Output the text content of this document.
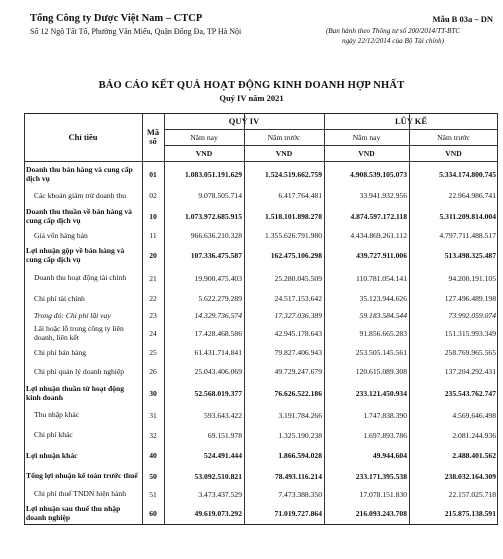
Tổng Công ty Dược Việt Nam – CTCP
Số 12 Ngô Tất Tố, Phường Văn Miếu, Quận Đống Đa, TP Hà Nội
Mẫu B 03a – DN
(Ban hành theo Thông tư số 200/2014/TT-BTC
ngày 22/12/2014 của Bộ Tài chính)
BÁO CÁO KẾT QUẢ HOẠT ĐỘNG KINH DOANH HỢP NHẤT
Quý IV năm 2021
Chỉ tiêu	Mã số	QUÝ IV		LŨY KẾ	
		Năm nay	Năm trước	Năm nay	Năm trước
		VND	VND	VND	VND
Doanh thu bán hàng và cung cấp dịch vụ	01	1.083.051.191.629	1.524.519.662.759	4.908.539.105.073	5.334.174.800.745
Các khoản giảm trừ doanh thu	02	9.078.505.714	6.417.764.481	33.941.932.956	22.964.986.741
Doanh thu thuần về bán hàng và cung cấp dịch vụ	10	1.073.972.685.915	1.518.101.898.278	4.874.597.172.118	5.311.209.814.004
Giá vốn hàng bán	11	966.636.210.328	1.355.626.791.980	4.434.869.261.112	4.797.711.488.517
Lợi nhuận gộp về bán hàng và cung cấp dịch vụ	20	107.336.475.587	162.475.106.298	439.727.911.006	513.498.325.487
Doanh thu hoạt động tài chính	21	19.900.475.403	25.280.045.509	110.781.054.141	94.200.191.105
Chi phí tài chính	22	5.622.279.289	24.517.153.642	35.123.944.626	127.496.489.198
Trong đó: Chi phí lãi vay	23	14.329.736.574	17.327.036.389	59.183.584.544	73.992.059.074
Lãi hoặc lỗ trong công ty liên doanh, liên kết	24	17.428.468.586	42.945.178.643	91.856.665.283	151.315.993.349
Chi phí bán hàng	25	61.431.714.841	79.827.406.943	253.505.145.561	258.769.965.565
Chi phí quản lý doanh nghiệp	26	25.043.406.069	49.729.247.679	120.615.089.308	137.204.292.431
Lợi nhuận thuần từ hoạt động kinh doanh	30	52.568.019.377	76.626.522.186	233.121.450.934	235.543.762.747
Thu nhập khác	31	593.643.422	3.191.784.266	1.747.838.390	4.569.646.498
Chi phí khác	32	69.151.978	1.325.190.238	1.697.893.786	2.081.244.936
Lợi nhuận khác	40	524.491.444	1.866.594.028	49.944.604	2.488.401.562
Tổng lợi nhuận kế toán trước thuế	50	53.092.510.821	78.493.116.214	233.171.395.538	238.032.164.309
Chi phí thuế TNDN hiện hành	51	3.473.437.529	7.473.388.350	17.078.151.830	22.157.025.718
Lợi nhuận sau thuế thu nhập doanh nghiệp	60	49.619.073.292	71.019.727.864	216.093.243.708	215.875.138.591
